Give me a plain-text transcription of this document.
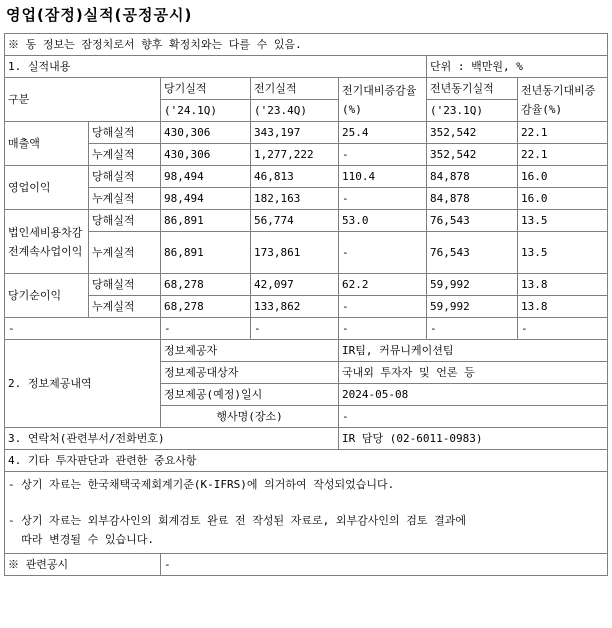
영업(잠정)실적(공정공시)
※ 동 정보는 잠정치로서 향후 확정치와는 다를 수 있음.						
1. 실적내용					단위 : 백만원, %	
구분		당기실적	전기실적	전기대비증감율(%)	전년동기실적	전년동기대비증감율(%)
		('24.1Q)	('23.4Q)		('23.1Q)	
매출액	당해실적	430,306	343,197	25.4	352,542	22.1
	누계실적	430,306	1,277,222	-	352,542	22.1
영업이익	당해실적	98,494	46,813	110.4	84,878	16.0
	누계실적	98,494	182,163	-	84,878	16.0
법인세비용차감전계속사업이익	당해실적	86,891	56,774	53.0	76,543	13.5
	누계실적	86,891	173,861	-	76,543	13.5
당기순이익	당해실적	68,278	42,097	62.2	59,992	13.8
	누계실적	68,278	133,862	-	59,992	13.8
-		-	-	-	-	-
2. 정보제공내역		정보제공자		IR팀, 커뮤니케이션팀		
		정보제공대상자		국내외 투자자 및 언론 등		
		정보제공(예정)일시		2024-05-08		
		행사명(장소)		-		
3. 연락처(관련부서/전화번호)				IR 담당 (02-6011-0983)		
4. 기타 투자판단과 관련한 중요사항						

- 상기 자료는 한국채택국제회계기준(K-IFRS)에 의거하여 작성되었습니다.
- 상기 자료는 외부감사인의 회계검토 완료 전 작성된 자료로, 외부감사인의 검토 결과에
따라 변경될 수 있습니다.						

※ 관련공시		-				
